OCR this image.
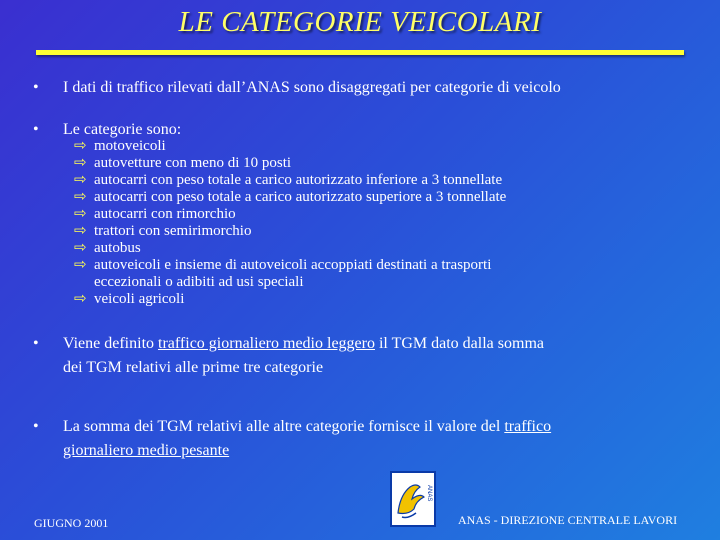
LE CATEGORIE VEICOLARI
• I dati di traffico rilevati dall’ANAS sono disaggregati per categorie di veicolo
• Le categorie sono:
⇨ motoveicoli
⇨ autovetture con meno di 10 posti
⇨ autocarri con peso totale a carico autorizzato inferiore a 3 tonnellate
⇨ autocarri con peso totale a carico autorizzato superiore a 3 tonnellate
⇨ autocarri con rimorchio
⇨ trattori con semirimorchio
⇨ autobus
⇨ autoveicoli e insieme di autoveicoli accoppiati destinati a trasporti
eccezionali o adibiti ad usi speciali
⇨ veicoli agricoli
• Viene definito traffico giornaliero medio leggero il TGM dato dalla somma
dei TGM relativi alle prime tre categorie
• La somma dei TGM relativi alle altre categorie fornisce il valore del traffico
giornaliero medio pesante
ANAS
GIUGNO 2001	ANAS - DIREZIONE CENTRALE LAVORI
